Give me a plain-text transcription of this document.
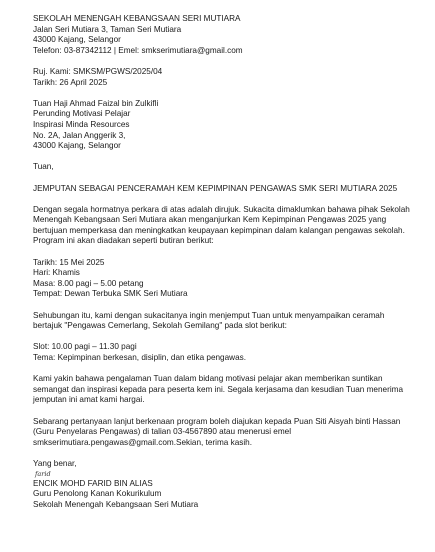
SEKOLAH MENENGAH KEBANGSAAN SERI MUTIARA
Jalan Seri Mutiara 3, Taman Seri Mutiara
43000 Kajang, Selangor
Telefon: 03-87342112 | Emel: smkserimutiara@gmail.com
Ruj. Kami: SMKSM/PGWS/2025/04
Tarikh: 26 April 2025
Tuan Haji Ahmad Faizal bin Zulkifli
Perunding Motivasi Pelajar
Inspirasi Minda Resources
No. 2A, Jalan Anggerik 3,
43000 Kajang, Selangor
Tuan,
JEMPUTAN SEBAGAI PENCERAMAH KEM KEPIMPINAN PENGAWAS SMK SERI MUTIARA 2025
Dengan segala hormatnya perkara di atas adalah dirujuk. Sukacita dimaklumkan bahawa pihak Sekolah
Menengah Kebangsaan Seri Mutiara akan menganjurkan Kem Kepimpinan Pengawas 2025 yang
bertujuan memperkasa dan meningkatkan keupayaan kepimpinan dalam kalangan pengawas sekolah.
Program ini akan diadakan seperti butiran berikut:
Tarikh: 15 Mei 2025
Hari: Khamis
Masa: 8.00 pagi – 5.00 petang
Tempat: Dewan Terbuka SMK Seri Mutiara
Sehubungan itu, kami dengan sukacitanya ingin menjemput Tuan untuk menyampaikan ceramah
bertajuk "Pengawas Cemerlang, Sekolah Gemilang" pada slot berikut:
Slot: 10.00 pagi – 11.30 pagi
Tema: Kepimpinan berkesan, disiplin, dan etika pengawas.
Kami yakin bahawa pengalaman Tuan dalam bidang motivasi pelajar akan memberikan suntikan
semangat dan inspirasi kepada para peserta kem ini. Segala kerjasama dan kesudian Tuan menerima
jemputan ini amat kami hargai.
Sebarang pertanyaan lanjut berkenaan program boleh diajukan kepada Puan Siti Aisyah binti Hassan
(Guru Penyelaras Pengawas) di talian 03-4567890 atau menerusi emel
smkserimutiara.pengawas@gmail.com.Sekian, terima kasih.
Yang benar,
farid
ENCIK MOHD FARID BIN ALIAS
Guru Penolong Kanan Kokurikulum
Sekolah Menengah Kebangsaan Seri Mutiara
